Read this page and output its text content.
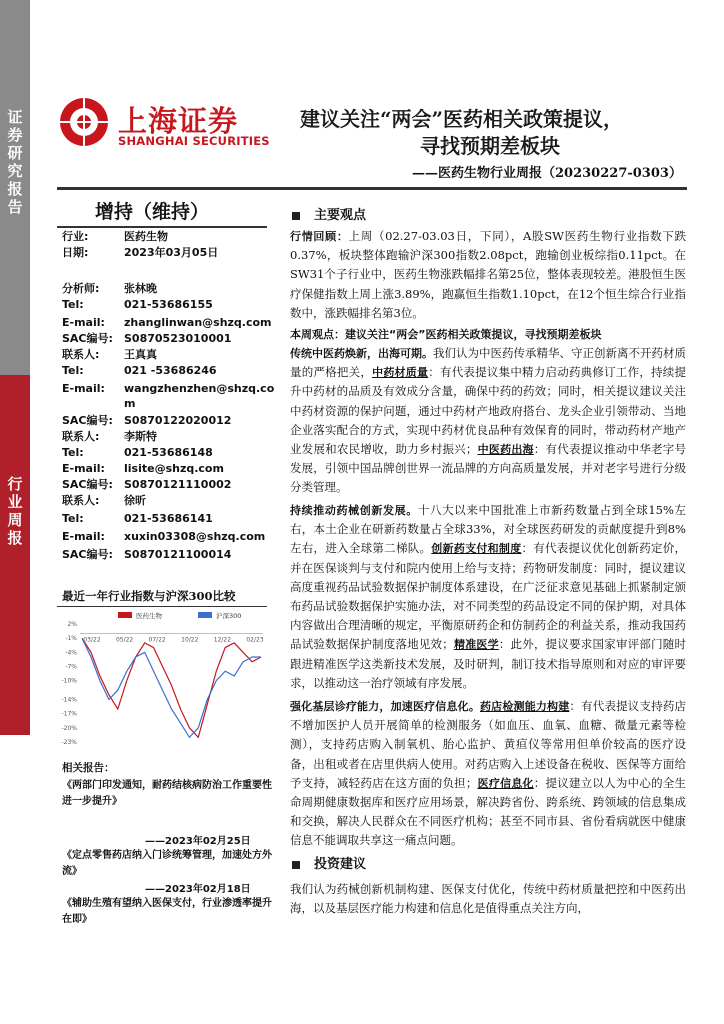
证券研究报告
行业周报
上海证券
SHANGHAI SECURITIES
建议关注“两会”医药相关政策提议，
寻找预期差板块
——医药生物行业周报（20230227-0303）
增持（维持）
行业:	医药生物
日期:	2023年03月05日
分析师: 张林晚
Tel:	021-53686155
E-mail: zhanglinwan@shzq.com
SAC编号: S0870523010001
联系人: 王真真
Tel:	021 -53686246
E-mail: wangzhenzhen@shzq.co
m
SAC编号: S0870122020012
联系人: 李斯特
Tel:	021-53686148
E-mail: lisite@shzq.com
SAC编号: S0870121110002
联系人: 徐昕
Tel:	021-53686141
E-mail: xuxin03308@shzq.com
SAC编号: S0870121100014
最近一年行业指数与沪深300比较
医药生物	沪深300
2%
-1%
-4%
-7%
-10%
-14%
-17%
-20%
-23%
03/22	05/22	07/22	10/22	12/22	02/23
相关报告：
《两部门印发通知，耐药结核病防治工作重要性进一步提升》
——2023年02月25日
《定点零售药店纳入门诊统筹管理，加速处方外流》
——2023年02月18日
《辅助生殖有望纳入医保支付，行业渗透率提升在即》
主要观点
行情回顾：上周（02.27-03.03日，下同），A股SW医药生物行业指数下跌0.37%，板块整体跑输沪深300指数2.08pct，跑输创业板综指0.11pct。在SW31个子行业中，医药生物涨跌幅排名第25位，整体表现较差。港股恒生医疗保健指数上周上涨3.89%，跑赢恒生指数1.10pct，在12个恒生综合行业指数中，涨跌幅排名第3位。
本周观点：建议关注“两会”医药相关政策提议，寻找预期差板块
传统中医药焕新，出海可期。我们认为中医药传承精华、守正创新离不开药材质量的严格把关，中药材质量：有代表提议集中精力启动药典修订工作，持续提升中药材的品质及有效成分含量，确保中药的药效；同时，相关提议建议关注中药材资源的保护问题，通过中药材产地政府搭台、龙头企业引领带动、当地企业落实配合的方式，实现中药材优良品种有效保育的同时，带动药材产地产业发展和农民增收，助力乡村振兴；中医药出海：有代表提议推动中华老字号发展，引领中国品牌创世界一流品牌的方向高质量发展，并对老字号进行分级分类管理。
持续推动药械创新发展。十八大以来中国批准上市新药数量占到全球15%左右，本土企业在研新药数量占全球33%，对全球医药研发的贡献度提升到8%左右，进入全球第二梯队。创新药支付和制度：有代表提议优化创新药定价，并在医保谈判与支付和院内使用上给与支持；药物研发制度：同时，提议建议高度重视药品试验数据保护制度体系建设，在广泛征求意见基础上抓紧制定颁布药品试验数据保护实施办法，对不同类型的药品设定不同的保护期，对具体内容做出合理清晰的规定，平衡原研药企和仿制药企的利益关系，推动我国药品试验数据保护制度落地见效；精准医学：此外，提议要求国家审评部门随时跟进精准医学这类新技术发展，及时研判，制订技术指导原则和对应的审评要求，以推动这一治疗领域有序发展。
强化基层诊疗能力，加速医疗信息化。药店检测能力构建：有代表提议支持药店不增加医护人员开展简单的检测服务（如血压、血氧、血糖、微量元素等检测），支持药店购入制氧机、胎心监护、黄疸仪等常用但单价较高的医疗设备，出租或者在店里供病人使用。对药店购入上述设备在税收、医保等方面给予支持，减轻药店在这方面的负担；医疗信息化：提议建立以人为中心的全生命周期健康数据库和医疗应用场景，解决跨省份、跨系统、跨领域的信息集成和交换，解决人民群众在不同医疗机构；甚至不同市县、省份看病就医中健康信息不能调取共享这一痛点问题。
投资建议
我们认为药械创新机制构建、医保支付优化，传统中药材质量把控和中医药出海，以及基层医疗能力构建和信息化是值得重点关注方向，
